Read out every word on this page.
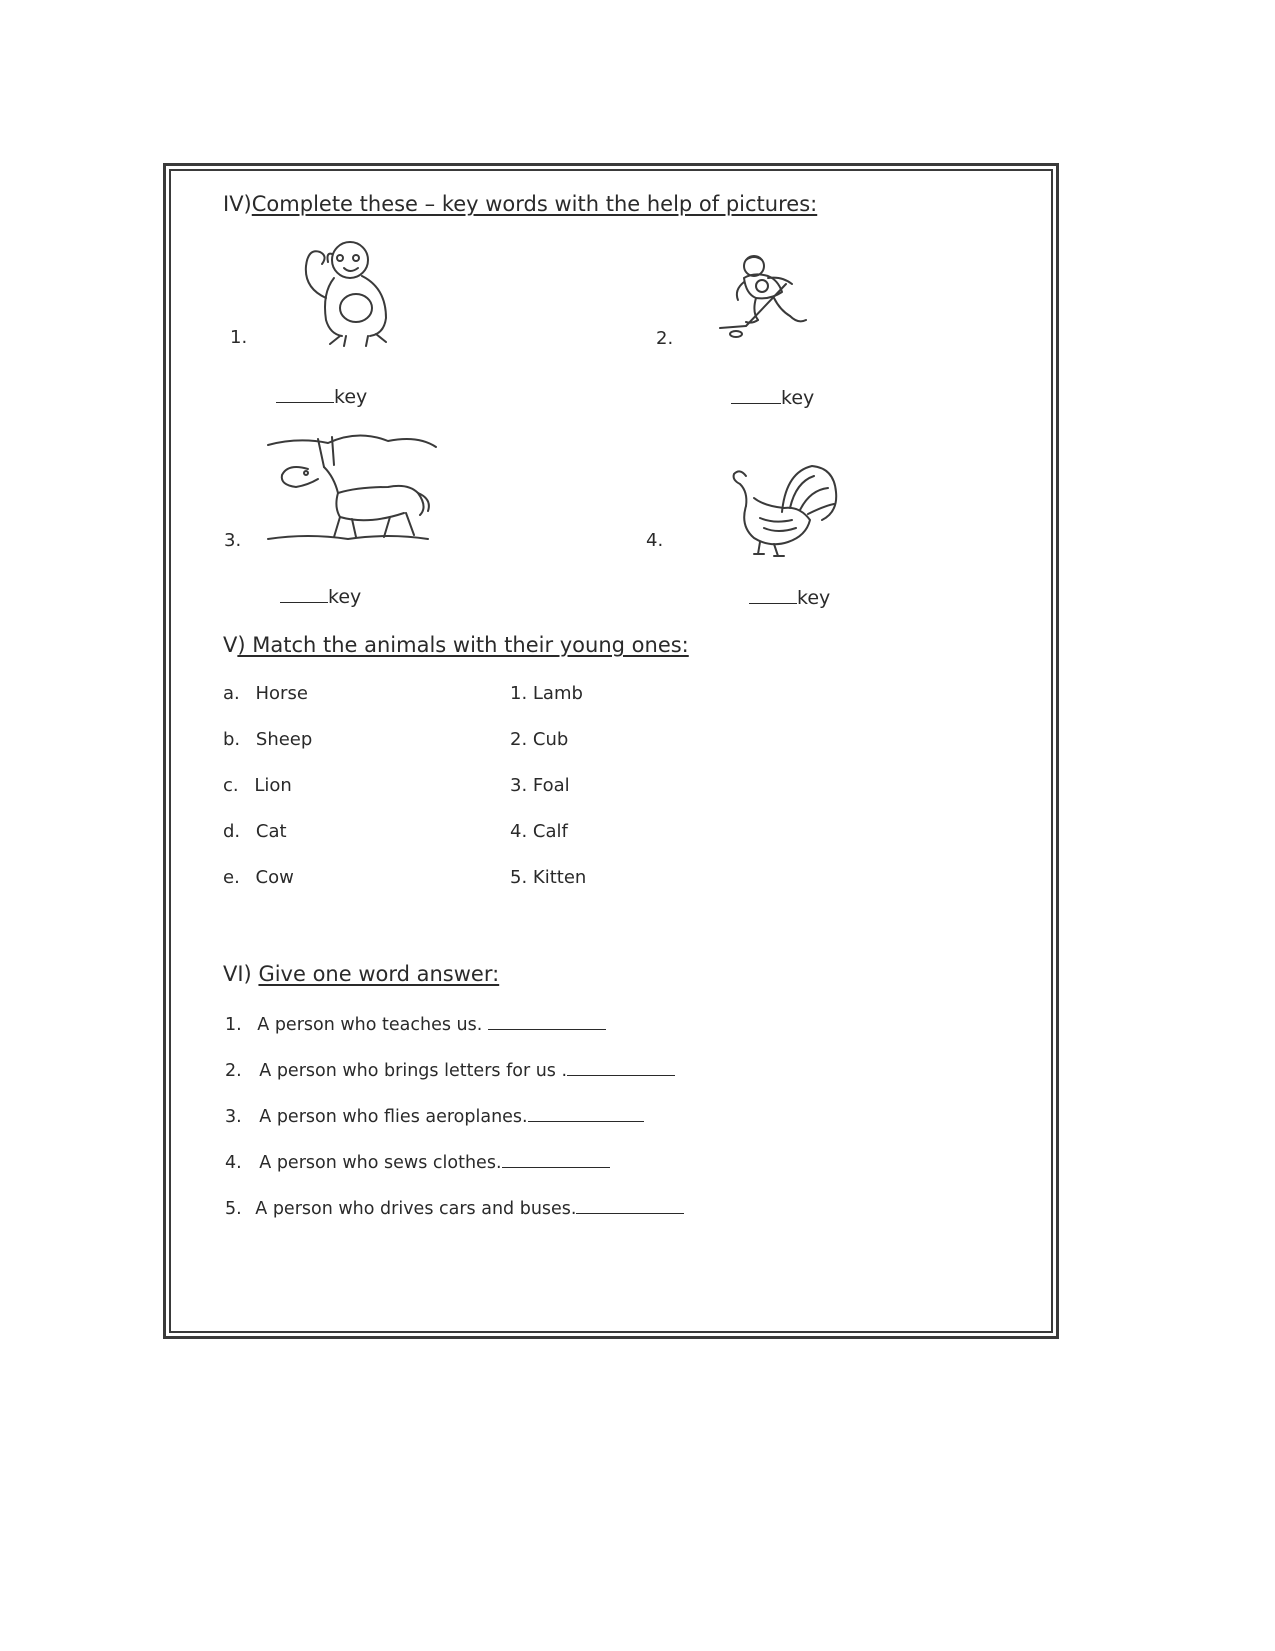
IV)Complete these – key words with the help of pictures:
1.
key
2.
key
3.
key
4.
key
V) Match the animals with their young ones:
a. Horse
b. Sheep
c. Lion
d. Cat
e. Cow
1. Lamb
2. Cub
3. Foal
4. Calf
5. Kitten
VI) Give one word answer:
1. A person who teaches us.
2. A person who brings letters for us .
3. A person who flies aeroplanes.
4. A person who sews clothes.
5. A person who drives cars and buses.
